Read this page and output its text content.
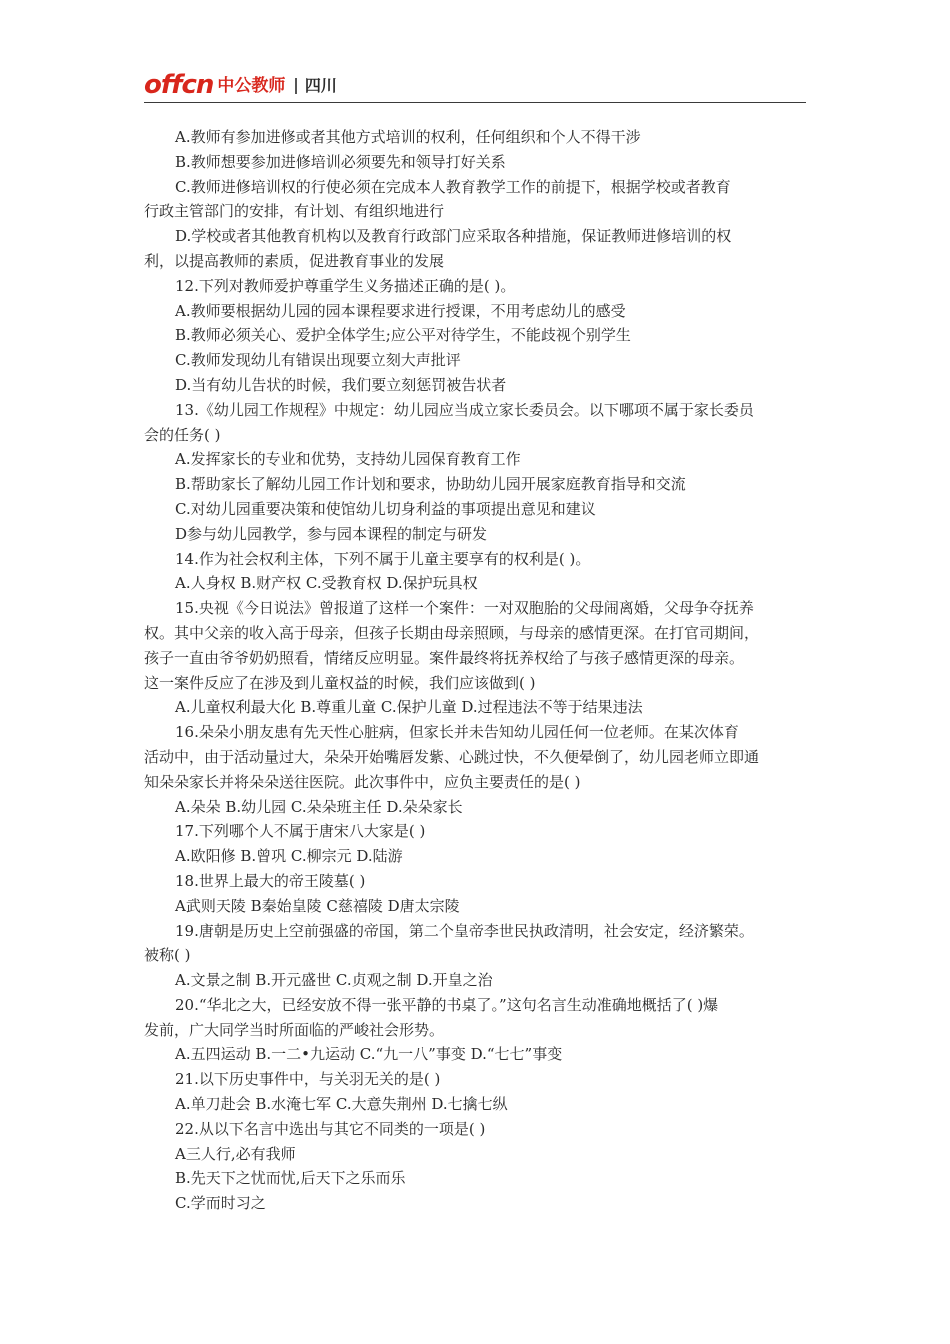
offcn 中公教师 四川
A.教师有参加进修或者其他方式培训的权利，任何组织和个人不得干涉
B.教师想要参加进修培训必须要先和领导打好关系
C.教师进修培训权的行使必须在完成本人教育教学工作的前提下，根据学校或者教育
行政主管部门的安排，有计划、有组织地进行
D.学校或者其他教育机构以及教育行政部门应采取各种措施，保证教师进修培训的权
利，以提高教师的素质，促进教育事业的发展
12.下列对教师爱护尊重学生义务描述正确的是( )。
A.教师要根据幼儿园的园本课程要求进行授课，不用考虑幼儿的感受
B.教师必须关心、爱护全体学生;应公平对待学生，不能歧视个别学生
C.教师发现幼儿有错误出现要立刻大声批评
D.当有幼儿告状的时候，我们要立刻惩罚被告状者
13.《幼儿园工作规程》中规定：幼儿园应当成立家长委员会。以下哪项不属于家长委员
会的任务( )
A.发挥家长的专业和优势，支持幼儿园保育教育工作
B.帮助家长了解幼儿园工作计划和要求，协助幼儿园开展家庭教育指导和交流
C.对幼儿园重要决策和使馆幼儿切身利益的事项提出意见和建议
D参与幼儿园教学，参与园本课程的制定与研发
14.作为社会权利主体，下列不属于儿童主要享有的权利是( )。
A.人身权 B.财产权 C.受教育权 D.保护玩具权
15.央视《今日说法》曾报道了这样一个案件：一对双胞胎的父母闹离婚，父母争夺抚养
权。其中父亲的收入高于母亲，但孩子长期由母亲照顾，与母亲的感情更深。在打官司期间，
孩子一直由爷爷奶奶照看，情绪反应明显。案件最终将抚养权给了与孩子感情更深的母亲。
这一案件反应了在涉及到儿童权益的时候，我们应该做到( )
A.儿童权利最大化 B.尊重儿童 C.保护儿童 D.过程违法不等于结果违法
16.朵朵小朋友患有先天性心脏病，但家长并未告知幼儿园任何一位老师。在某次体育
活动中，由于活动量过大，朵朵开始嘴唇发紫、心跳过快，不久便晕倒了，幼儿园老师立即通
知朵朵家长并将朵朵送往医院。此次事件中，应负主要责任的是( )
A.朵朵 B.幼儿园 C.朵朵班主任 D.朵朵家长
17.下列哪个人不属于唐宋八大家是( )
A.欧阳修 B.曾巩 C.柳宗元 D.陆游
18.世界上最大的帝王陵墓( )
A武则天陵 B秦始皇陵 C慈禧陵 D唐太宗陵
19.唐朝是历史上空前强盛的帝国，第二个皇帝李世民执政清明，社会安定，经济繁荣。
被称( )
A.文景之制 B.开元盛世 C.贞观之制 D.开皇之治
20.“华北之大，已经安放不得一张平静的书桌了。”这句名言生动准确地概括了( )爆
发前，广大同学当时所面临的严峻社会形势。
A.五四运动 B.一二•九运动 C.“九一八”事变 D.“七七”事变
21.以下历史事件中，与关羽无关的是( )
A.单刀赴会 B.水淹七军 C.大意失荆州 D.七擒七纵
22.从以下名言中选出与其它不同类的一项是( )
A三人行,必有我师
B.先天下之忧而忧,后天下之乐而乐
C.学而时习之
